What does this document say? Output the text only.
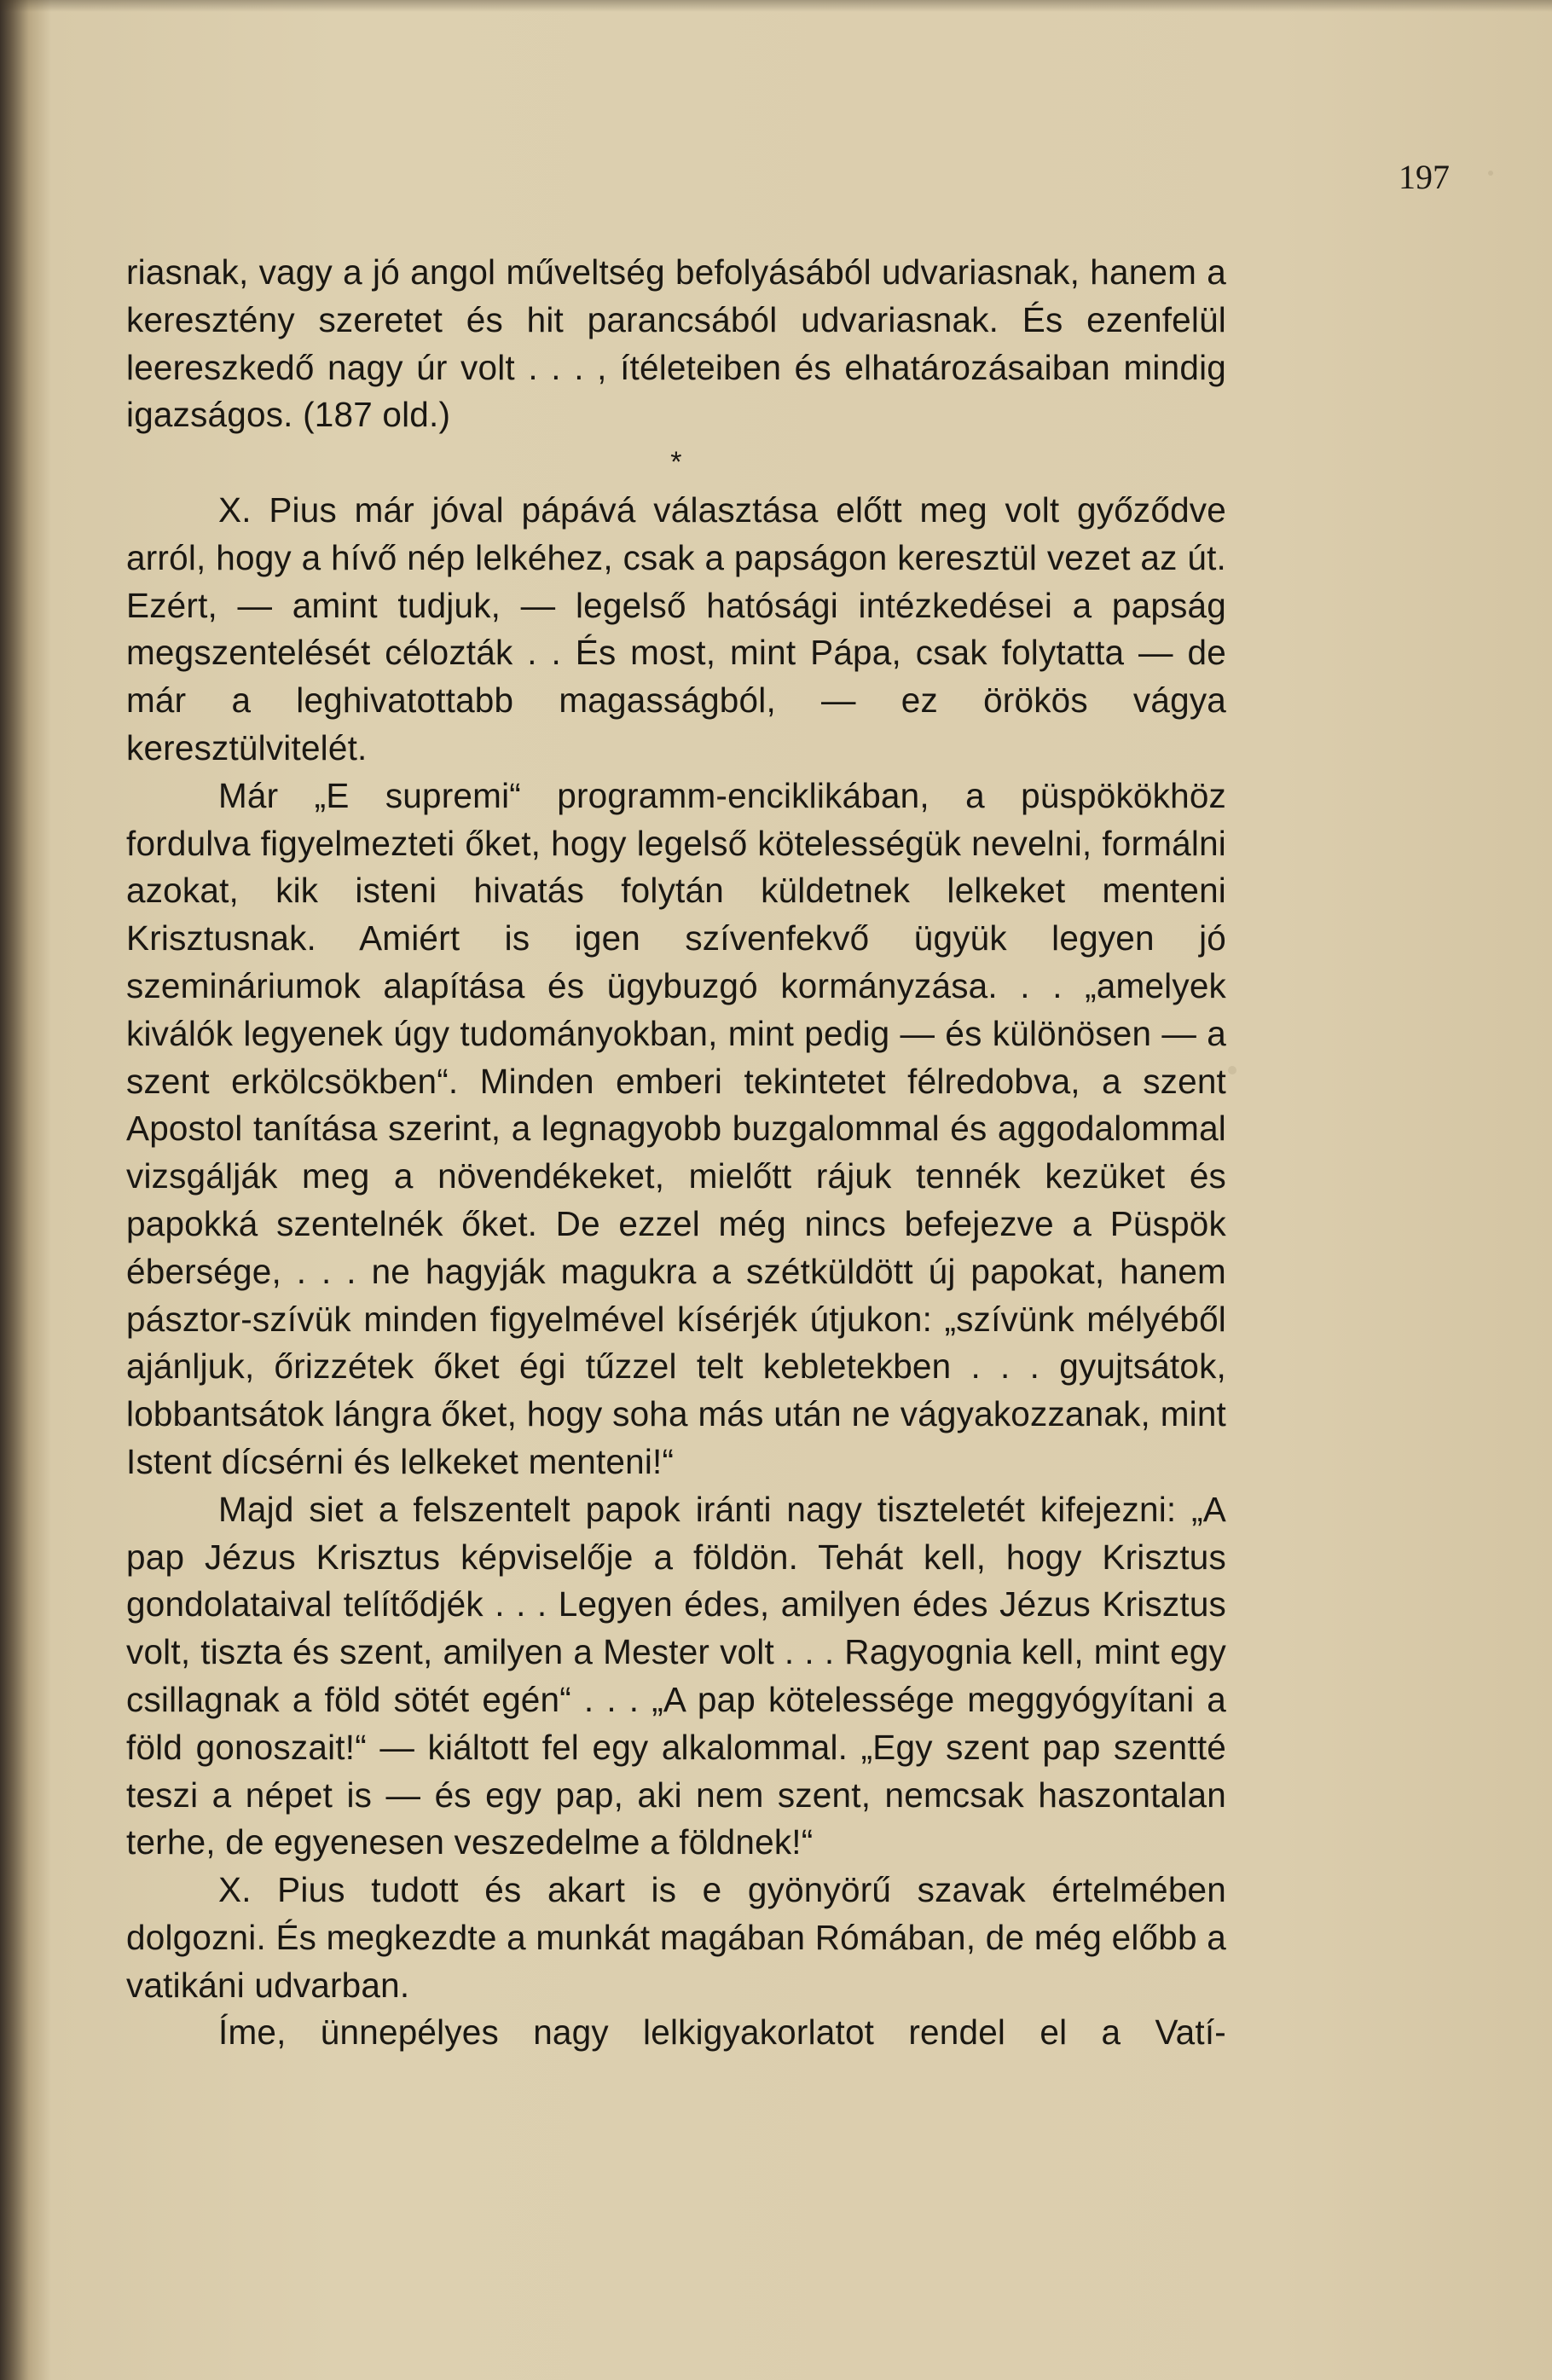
197

riasnak, vagy a jó angol műveltség befolyásából udvariasnak, hanem a keresztény szeretet és hit parancsából udvariasnak. És ezenfelül leereszkedő nagy úr volt . . . , ítéleteiben és elhatározásaiban mindig igazságos. (187 old.)

*

X. Pius már jóval pápává választása előtt meg volt győződve arról, hogy a hívő nép lelkéhez, csak a papságon keresztül vezet az út. Ezért, — amint tudjuk, — legelső hatósági intézkedései a papság megszentelését célozták . . És most, mint Pápa, csak folytatta — de már a leghivatottabb magasságból, — ez örökös vágya keresztülvitelét.

Már „E supremi“ programm-enciklikában, a püspökökhöz fordulva figyelmezteti őket, hogy legelső kötelességük nevelni, formálni azokat, kik isteni hivatás folytán küldetnek lelkeket menteni Krisztusnak. Amiért is igen szívenfekvő ügyük legyen jó szemináriumok alapítása és ügybuzgó kormányzása. . . „amelyek kiválók legyenek úgy tudományokban, mint pedig — és különösen — a szent erkölcsökben“. Minden emberi tekintetet félredobva, a szent Apostol tanítása szerint, a legnagyobb buzgalommal és aggodalommal vizsgálják meg a növendékeket, mielőtt rájuk tennék kezüket és papokká szentelnék őket. De ezzel még nincs befejezve a Püspök ébersége, . . . ne hagyják magukra a szétküldött új papokat, hanem pásztor-szívük minden figyelmével kísérjék útjukon: „szívünk mélyéből ajánljuk, őrizzétek őket égi tűzzel telt kebletekben . . . gyujtsátok, lobbantsátok lángra őket, hogy soha más után ne vágyakozzanak, mint Istent dícsérni és lelkeket menteni!“

Majd siet a felszentelt papok iránti nagy tiszteletét kifejezni: „A pap Jézus Krisztus képviselője a földön. Tehát kell, hogy Krisztus gondolataival telítődjék . . . Legyen édes, amilyen édes Jézus Krisztus volt, tiszta és szent, amilyen a Mester volt . . . Ragyognia kell, mint egy csillagnak a föld sötét egén“ . . . „A pap kötelessége meggyógyítani a föld gonoszait!“ — kiáltott fel egy alkalommal. „Egy szent pap szentté teszi a népet is — és egy pap, aki nem szent, nemcsak haszontalan terhe, de egyenesen veszedelme a földnek!“

X. Pius tudott és akart is e gyönyörű szavak értelmében dolgozni. És megkezdte a munkát magában Rómában, de még előbb a vatikáni udvarban.

Íme, ünnepélyes nagy lelkigyakorlatot rendel el a Vatí-
